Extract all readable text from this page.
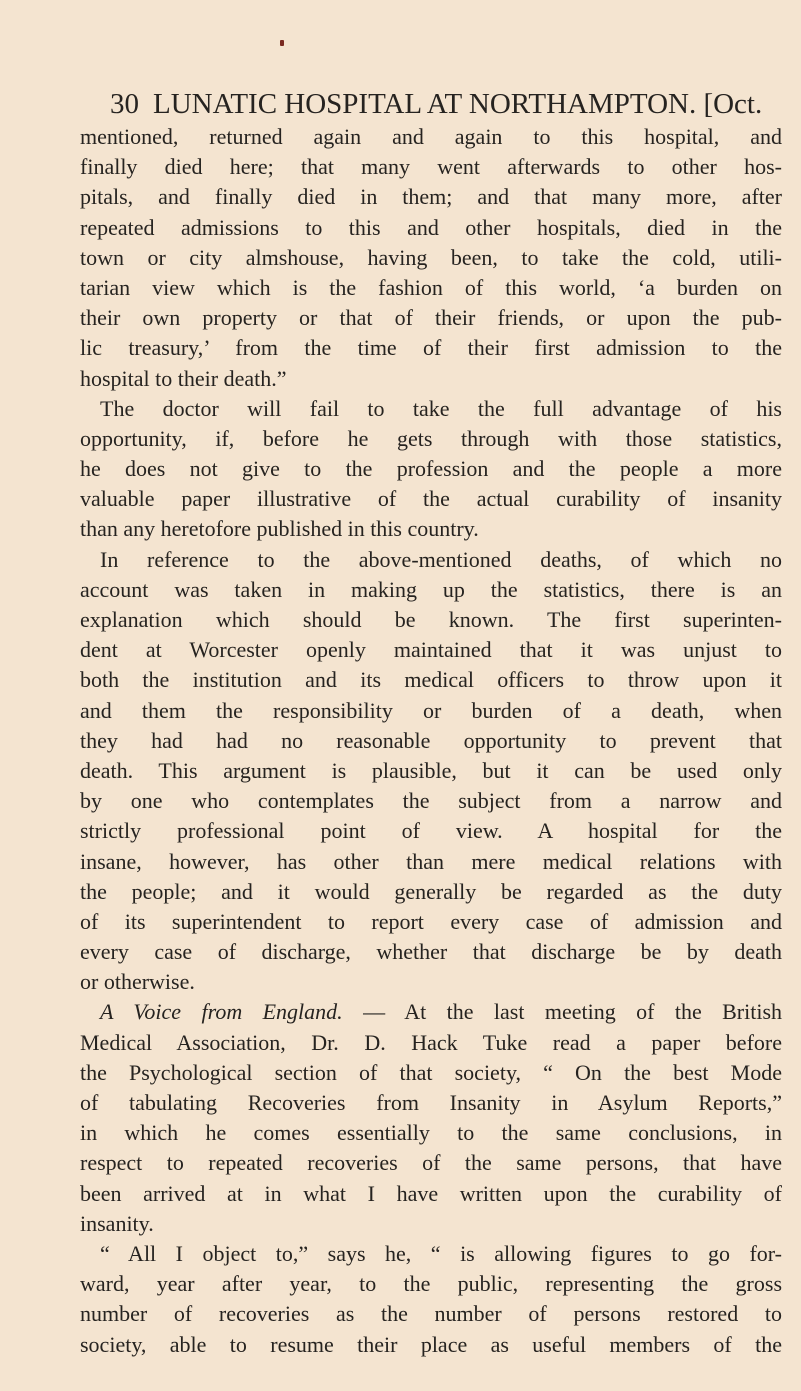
30 LUNATIC HOSPITAL AT NORTHAMPTON. [Oct.
mentioned, returned again and again to this hospital, and
finally died here; that many went afterwards to other hos-
pitals, and finally died in them; and that many more, after
repeated admissions to this and other hospitals, died in the
town or city almshouse, having been, to take the cold, utili-
tarian view which is the fashion of this world, ‘a burden on
their own property or that of their friends, or upon the pub-
lic treasury,’ from the time of their first admission to the
hospital to their death.”
The doctor will fail to take the full advantage of his
opportunity, if, before he gets through with those statistics,
he does not give to the profession and the people a more
valuable paper illustrative of the actual curability of insanity
than any heretofore published in this country.
In reference to the above-mentioned deaths, of which no
account was taken in making up the statistics, there is an
explanation which should be known. The first superinten-
dent at Worcester openly maintained that it was unjust to
both the institution and its medical officers to throw upon it
and them the responsibility or burden of a death, when
they had had no reasonable opportunity to prevent that
death. This argument is plausible, but it can be used only
by one who contemplates the subject from a narrow and
strictly professional point of view. A hospital for the
insane, however, has other than mere medical relations with
the people; and it would generally be regarded as the duty
of its superintendent to report every case of admission and
every case of discharge, whether that discharge be by death
or otherwise.
A Voice from England. — At the last meeting of the British
Medical Association, Dr. D. Hack Tuke read a paper before
the Psychological section of that society, “ On the best Mode
of tabulating Recoveries from Insanity in Asylum Reports,”
in which he comes essentially to the same conclusions, in
respect to repeated recoveries of the same persons, that have
been arrived at in what I have written upon the curability of
insanity.
“ All I object to,” says he, “ is allowing figures to go for-
ward, year after year, to the public, representing the gross
number of recoveries as the number of persons restored to
society, able to resume their place as useful members of the
